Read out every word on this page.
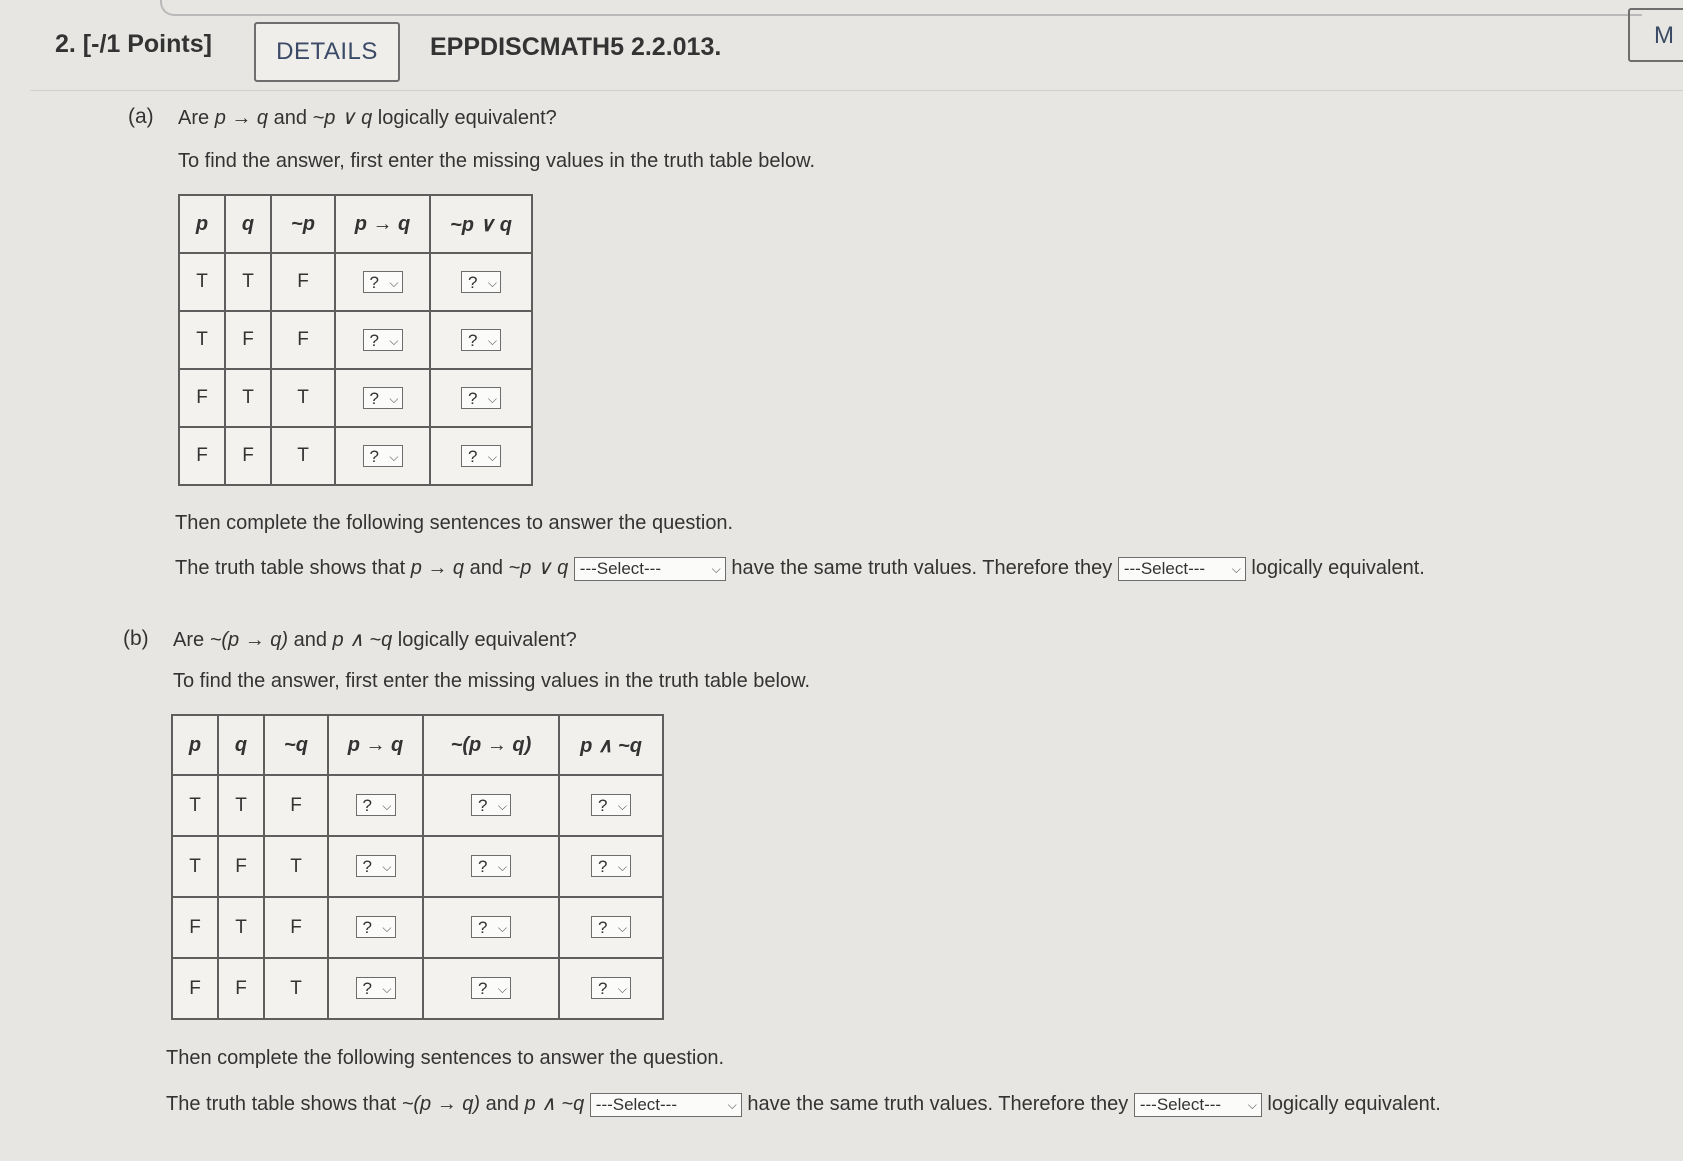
2. [-/1 Points]	DETAILS	EPPDISCMATH5 2.2.013.	M
(a) Are p → q and ~p ∨ q logically equivalent?
To find the answer, first enter the missing values in the truth table below.
p	q	~p	p → q	~p ∨ q
T	T	F	? ⌵	? ⌵

T	F	F	? ⌵	? ⌵

F	T	T	? ⌵	? ⌵

F	F	T	? ⌵	? ⌵
Then complete the following sentences to answer the question.
The truth table shows that p → q and ~p ∨ q ---Select---	⌵ have the same truth values. Therefore they ---Select--- ⌵ logically equivalent.
(b) Are ~(p → q) and p ∧ ~q logically equivalent?
To find the answer, first enter the missing values in the truth table below.
p	q	~q	p → q	~(p → q)	p ∧ ~q
T	T	F	? ⌵	? ⌵	? ⌵

T	F	T	? ⌵	? ⌵	? ⌵

F	T	F	? ⌵	? ⌵	? ⌵

F	F	T	? ⌵	? ⌵	? ⌵
Then complete the following sentences to answer the question.
The truth table shows that ~(p → q) and p ∧ ~q ---Select---	⌵ have the same truth values. Therefore they ---Select--- ⌵ logically equivalent.
